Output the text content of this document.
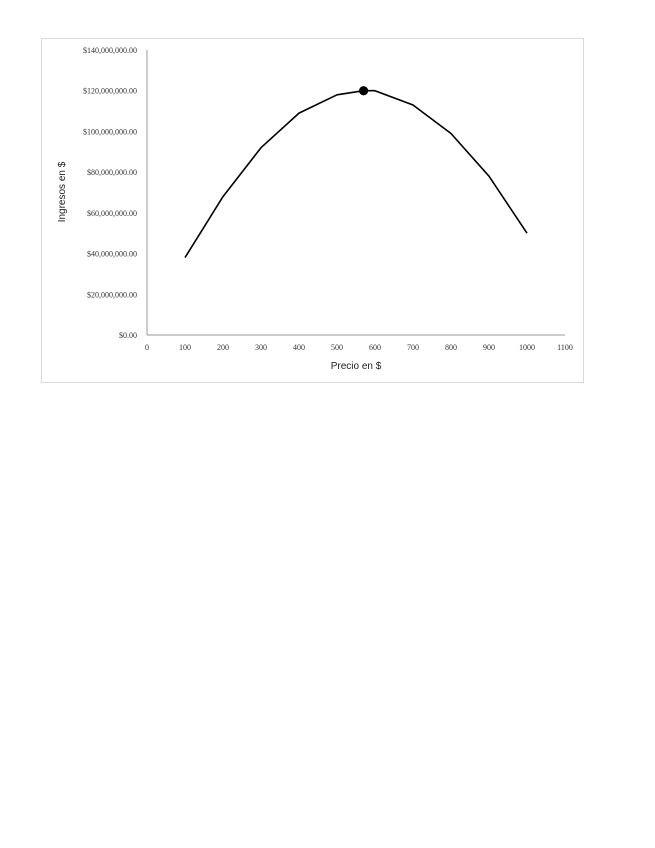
0	100	200	300	400	500	600	700	800	900	1000	1100
$0.00
$20,000,000.00
$40,000,000.00
$60,000,000.00
$80,000,000.00
$100,000,000.00
$120,000,000.00
$140,000,000.00
Precio en $
Ingresos en $
